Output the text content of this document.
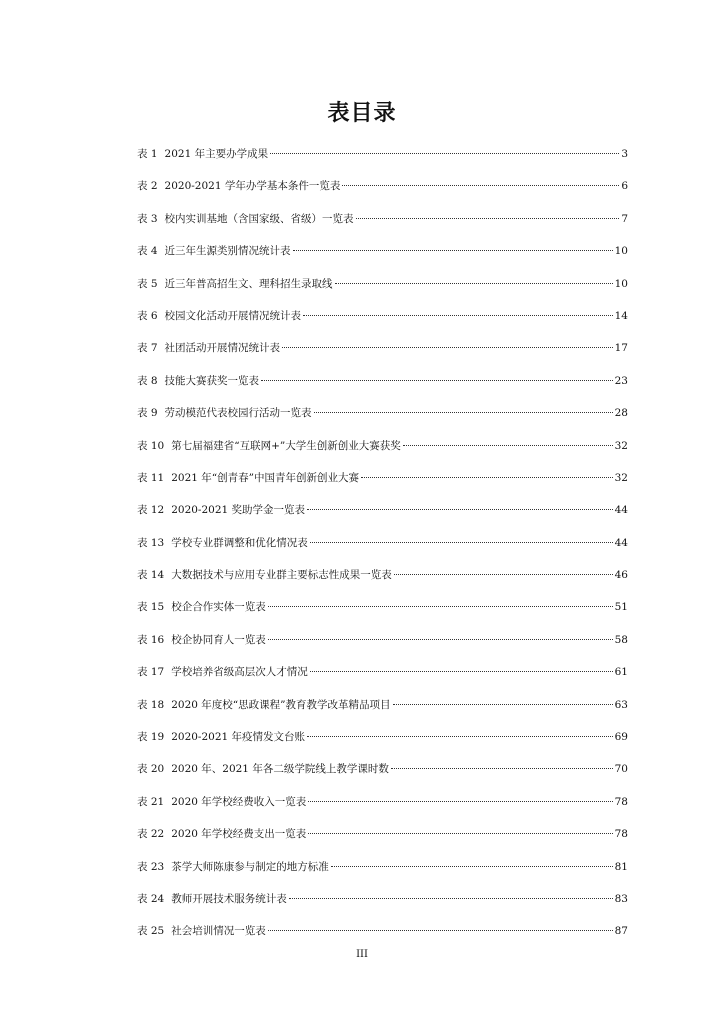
表目录
表 1 2021 年主要办学成果	3
表 2 2020-2021 学年办学基本条件一览表	6
表 3 校内实训基地（含国家级、省级）一览表	7
表 4 近三年生源类别情况统计表	10
表 5 近三年普高招生文、理科招生录取线	10
表 6 校园文化活动开展情况统计表	14
表 7 社团活动开展情况统计表	17
表 8 技能大赛获奖一览表	23
表 9 劳动模范代表校园行活动一览表	28
表 10 第七届福建省“互联网+”大学生创新创业大赛获奖	32
表 11 2021 年“创青春”中国青年创新创业大赛	32
表 12 2020-2021 奖助学金一览表	44
表 13 学校专业群调整和优化情况表	44
表 14 大数据技术与应用专业群主要标志性成果一览表	46
表 15 校企合作实体一览表	51
表 16 校企协同育人一览表	58
表 17 学校培养省级高层次人才情况	61
表 18 2020 年度校“思政课程”教育教学改革精品项目	63
表 19 2020-2021 年疫情发文台账	69
表 20 2020 年、2021 年各二级学院线上教学课时数	70
表 21 2020 年学校经费收入一览表	78
表 22 2020 年学校经费支出一览表	78
表 23 茶学大师陈康参与制定的地方标准	81
表 24 教师开展技术服务统计表	83
表 25 社会培训情况一览表	87
III
